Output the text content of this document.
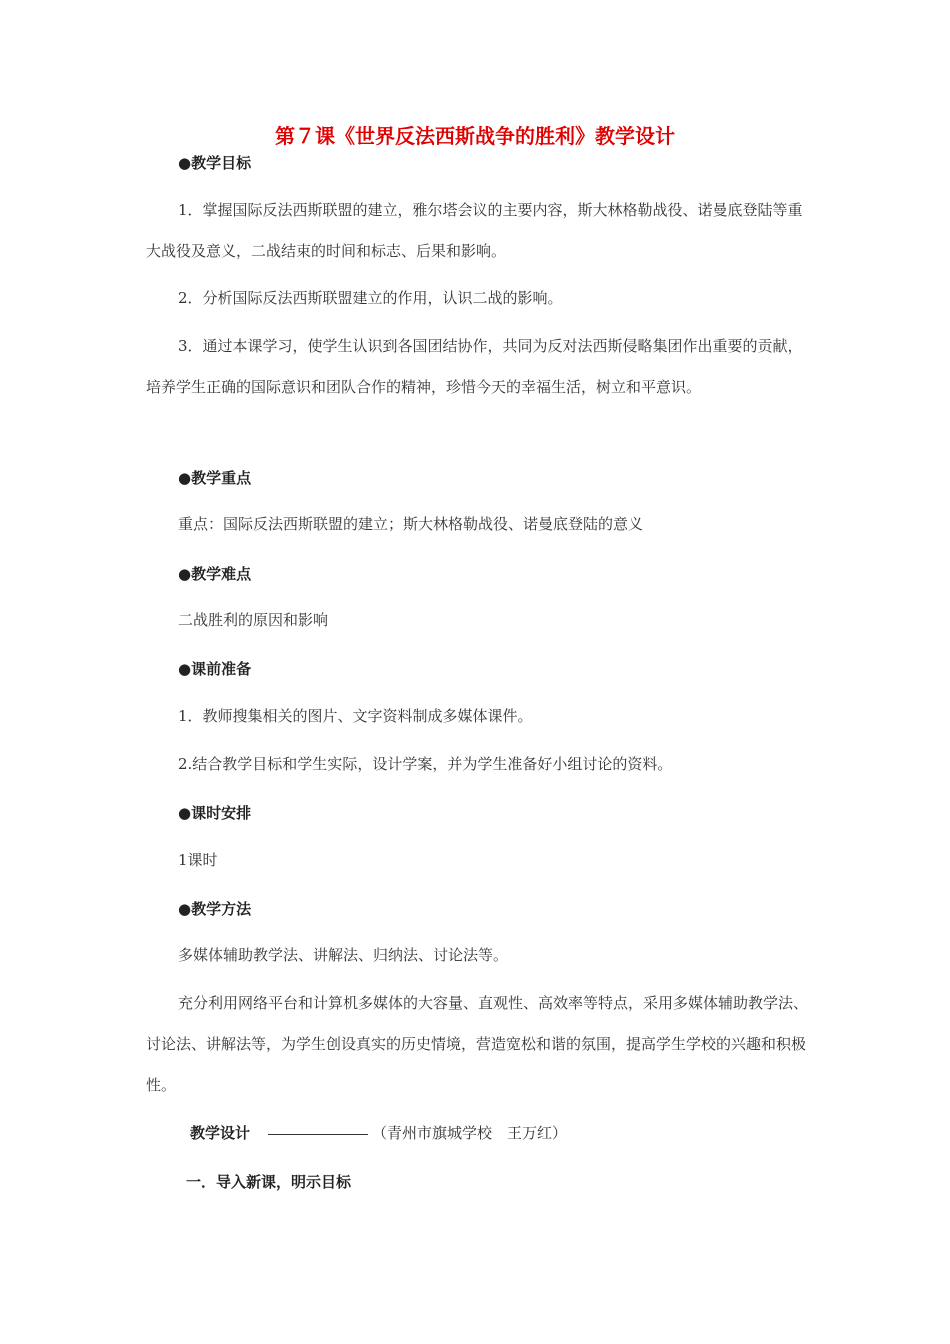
第７课《世界反法西斯战争的胜利》教学设计
●教学目标

1．掌握国际反法西斯联盟的建立，雅尔塔会议的主要内容，斯大林格勒战役、诺曼底登陆等重大战役及意义，二战结束的时间和标志、后果和影响。

2．分析国际反法西斯联盟建立的作用，认识二战的影响。

3．通过本课学习，使学生认识到各国团结协作，共同为反对法西斯侵略集团作出重要的贡献，培养学生正确的国际意识和团队合作的精神，珍惜今天的幸福生活，树立和平意识。

●教学重点

重点：国际反法西斯联盟的建立；斯大林格勒战役、诺曼底登陆的意义

●教学难点

二战胜利的原因和影响

●课前准备

1．教师搜集相关的图片、文字资料制成多媒体课件。

2.结合教学目标和学生实际，设计学案，并为学生准备好小组讨论的资料。

●课时安排

1课时

●教学方法

多媒体辅助教学法、讲解法、归纳法、讨论法等。

充分利用网络平台和计算机多媒体的大容量、直观性、高效率等特点，采用多媒体辅助教学法、讨论法、讲解法等，为学生创设真实的历史情境，营造宽松和谐的氛围，提高学生学校的兴趣和积极性。

教学设计	（青州市旗城学校　王万红）
一．导入新课，明示目标
